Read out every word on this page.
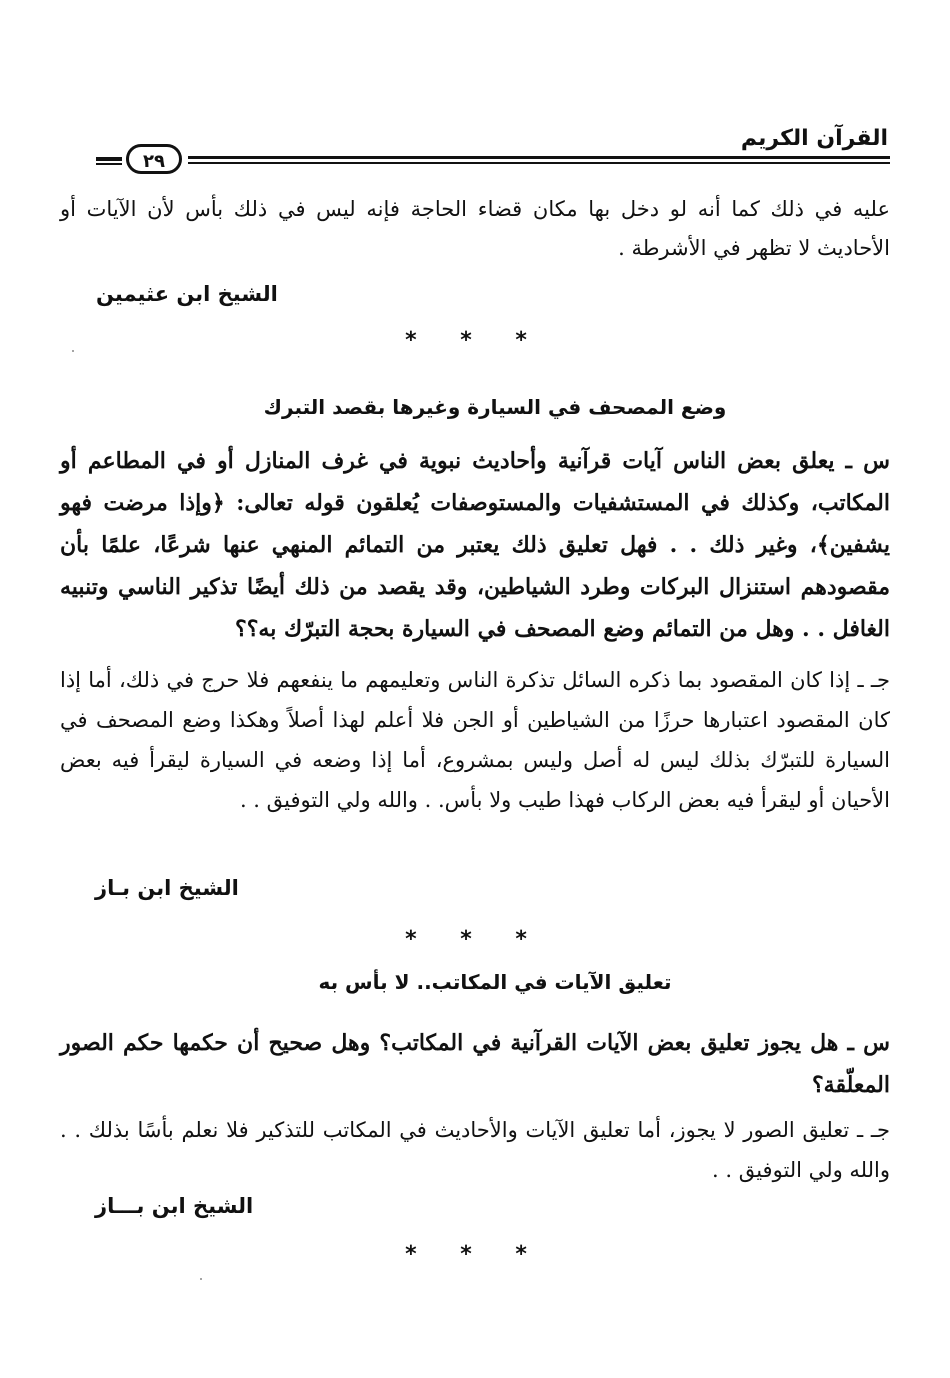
القرآن الكريم
٢٩
عليه في ذلك كما أنه لو دخل بها مكان قضاء الحاجة فإنه ليس في ذلك بأس لأن الآيات أو الأحاديث لا تظهر في الأشرطة .
الشيخ ابن عثيمين
* * *
وضع المصحف في السيارة وغيرها بقصد التبرك
س ـ يعلق بعض الناس آيات قرآنية وأحاديث نبوية في غرف المنازل أو في المطاعم أو المكاتب، وكذلك في المستشفيات والمستوصفات يُعلقون قوله تعالى: ﴿وإذا مرضت فهو يشفين﴾، وغير ذلك . . فهل تعليق ذلك يعتبر من التمائم المنهي عنها شرعًا، علمًا بأن مقصودهم استنزال البركات وطرد الشياطين، وقد يقصد من ذلك أيضًا تذكير الناسي وتنبيه الغافل . . وهل من التمائم وضع المصحف في السيارة بحجة التبرّك به؟؟
جـ ـ إذا كان المقصود بما ذكره السائل تذكرة الناس وتعليمهم ما ينفعهم فلا حرج في ذلك، أما إذا كان المقصود اعتبارها حرزًا من الشياطين أو الجن فلا أعلم لهذا أصلاً وهكذا وضع المصحف في السيارة للتبرّك بذلك ليس له أصل وليس بمشروع، أما إذا وضعه في السيارة ليقرأ فيه بعض الأحيان أو ليقرأ فيه بعض الركاب فهذا طيب ولا بأس. . والله ولي التوفيق . .
الشيخ ابن بـاز
* * *
تعليق الآيات في المكاتب.. لا بأس به
س ـ هل يجوز تعليق بعض الآيات القرآنية في المكاتب؟ وهل صحيح أن حكمها حكم الصور المعلّقة؟
جـ ـ تعليق الصور لا يجوز، أما تعليق الآيات والأحاديث في المكاتب للتذكير فلا نعلم بأسًا بذلك . . والله ولي التوفيق . .
الشيخ ابن بـــاز
* * *
